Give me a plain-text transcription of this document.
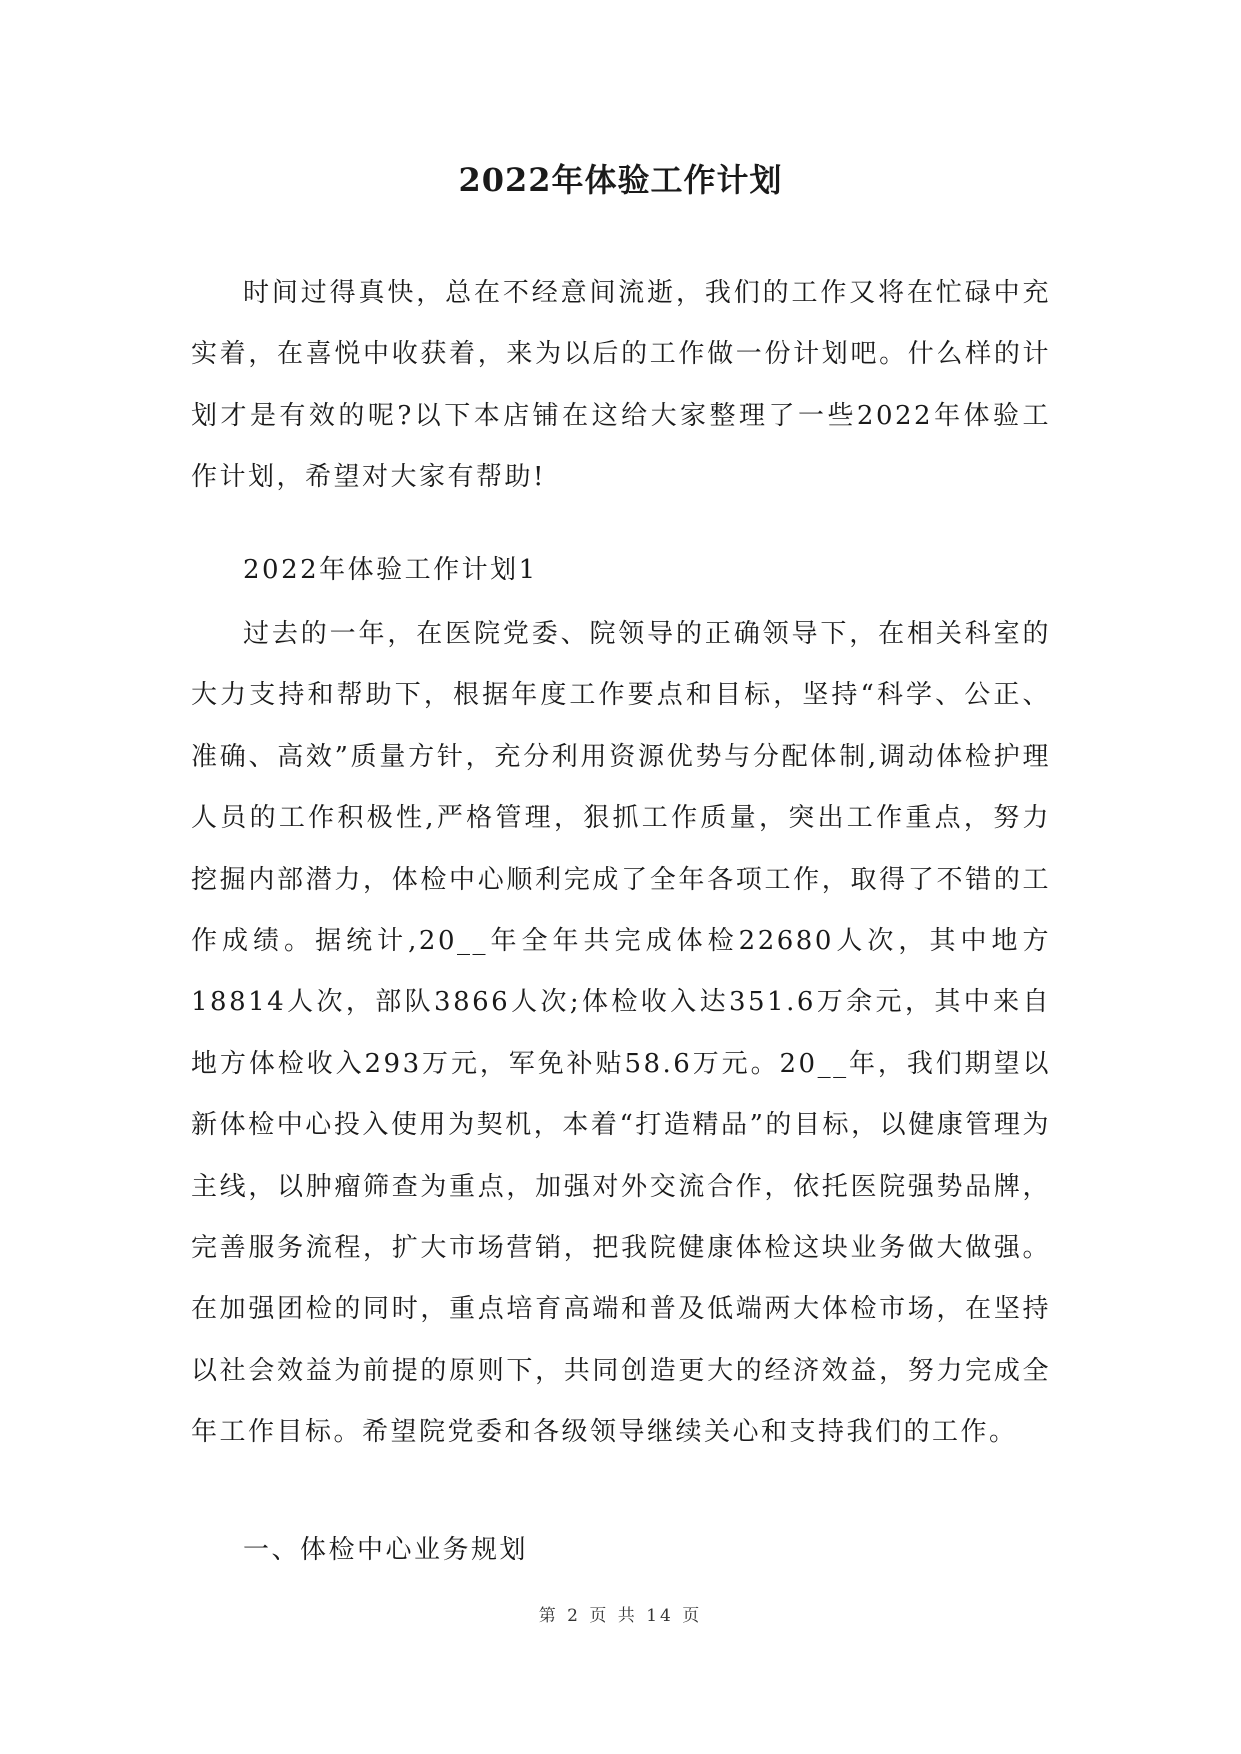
2022年体验工作计划

时间过得真快，总在不经意间流逝，我们的工作又将在忙碌中充实着，在喜悦中收获着，来为以后的工作做一份计划吧。什么样的计划才是有效的呢?以下本店铺在这给大家整理了一些2022年体验工作计划，希望对大家有帮助!

2022年体验工作计划1

过去的一年，在医院党委、院领导的正确领导下，在相关科室的大力支持和帮助下，根据年度工作要点和目标，坚持“科学、公正、准确、高效”质量方针，充分利用资源优势与分配体制,调动体检护理人员的工作积极性,严格管理，狠抓工作质量，突出工作重点，努力挖掘内部潜力，体检中心顺利完成了全年各项工作，取得了不错的工作成绩。据统计,20__年全年共完成体检22680人次，其中地方18814人次，部队3866人次;体检收入达351.6万余元，其中来自地方体检收入293万元，军免补贴58.6万元。20__年，我们期望以新体检中心投入使用为契机，本着“打造精品”的目标，以健康管理为主线，以肿瘤筛查为重点，加强对外交流合作，依托医院强势品牌，完善服务流程，扩大市场营销，把我院健康体检这块业务做大做强。在加强团检的同时，重点培育高端和普及低端两大体检市场，在坚持以社会效益为前提的原则下，共同创造更大的经济效益，努力完成全年工作目标。希望院党委和各级领导继续关心和支持我们的工作。

一、体检中心业务规划

第 2 页 共 14 页
